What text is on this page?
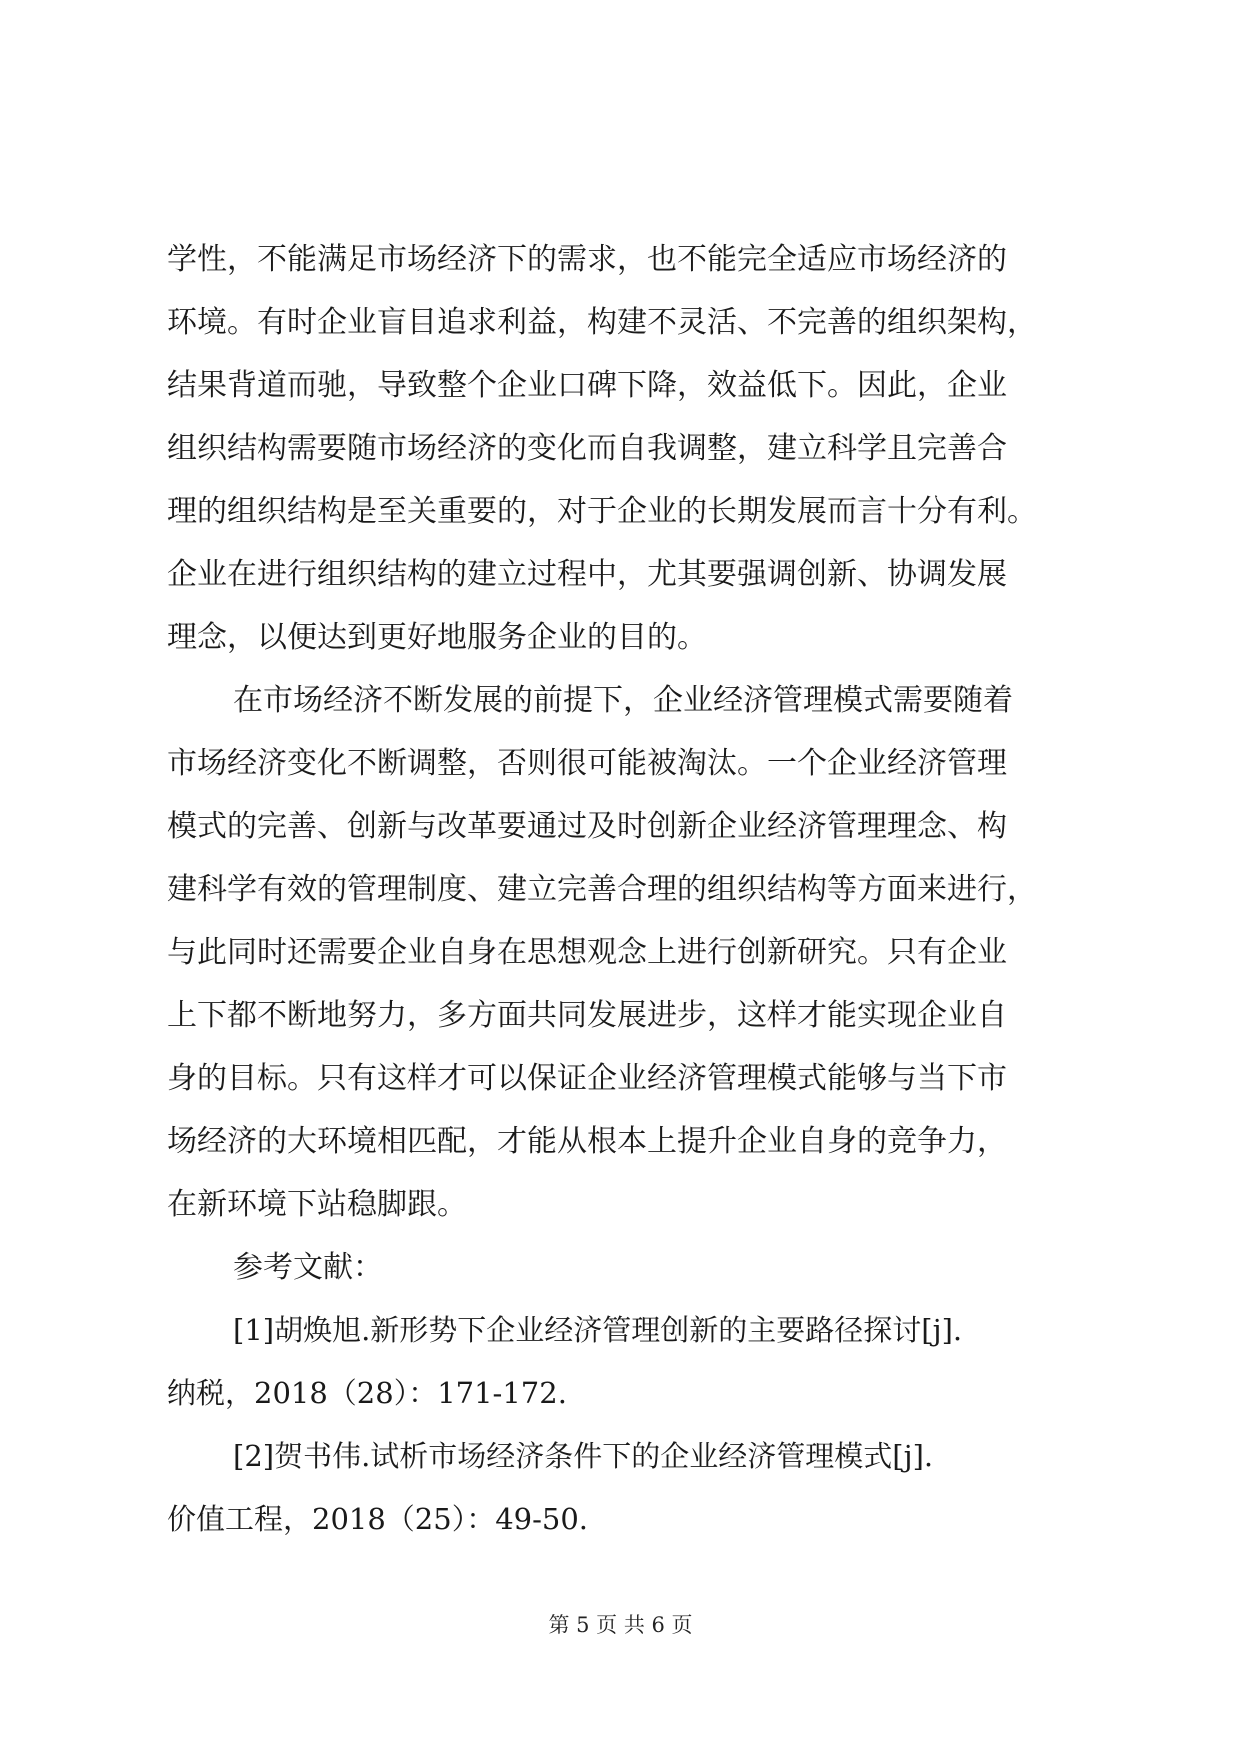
学性，不能满足市场经济下的需求，也不能完全适应市场经济的
环境。有时企业盲目追求利益，构建不灵活、不完善的组织架构，
结果背道而驰，导致整个企业口碑下降，效益低下。因此，企业
组织结构需要随市场经济的变化而自我调整，建立科学且完善合
理的组织结构是至关重要的，对于企业的长期发展而言十分有利。
企业在进行组织结构的建立过程中，尤其要强调创新、协调发展
理念，以便达到更好地服务企业的目的。
在市场经济不断发展的前提下，企业经济管理模式需要随着
市场经济变化不断调整，否则很可能被淘汰。一个企业经济管理
模式的完善、创新与改革要通过及时创新企业经济管理理念、构
建科学有效的管理制度、建立完善合理的组织结构等方面来进行，
与此同时还需要企业自身在思想观念上进行创新研究。只有企业
上下都不断地努力，多方面共同发展进步，这样才能实现企业自
身的目标。只有这样才可以保证企业经济管理模式能够与当下市
场经济的大环境相匹配，才能从根本上提升企业自身的竞争力，
在新环境下站稳脚跟。
参考文献：
[1]胡焕旭.新形势下企业经济管理创新的主要路径探讨[j].
纳税，2018（28）：171-172.
[2]贺书伟.试析市场经济条件下的企业经济管理模式[j].
价值工程，2018（25）：49-50.
第 5 页 共 6 页
